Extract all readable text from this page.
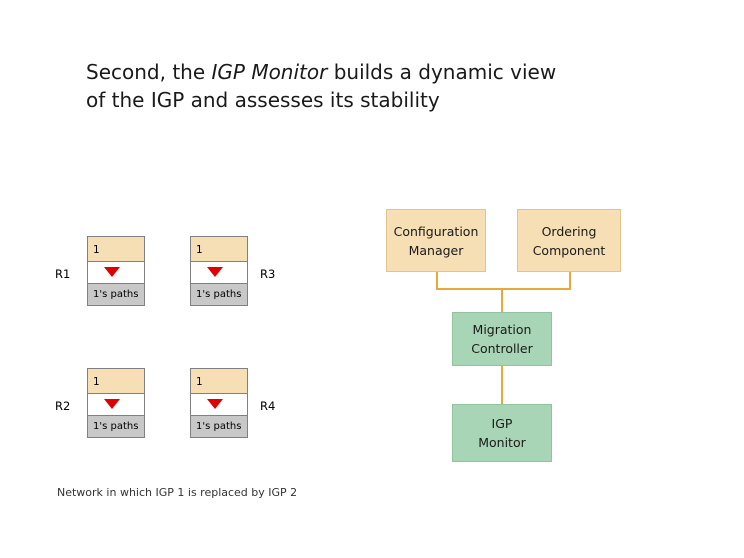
Second, the IGP Monitor builds a dynamic view
of the IGP and assesses its stability
1
1's paths
R1
1
1's paths
R3
1
1's paths
R2
1
1's paths
R4
Configuration
Manager
Ordering
Component
Migration
Controller
IGP
Monitor
Network in which IGP 1 is replaced by IGP 2
